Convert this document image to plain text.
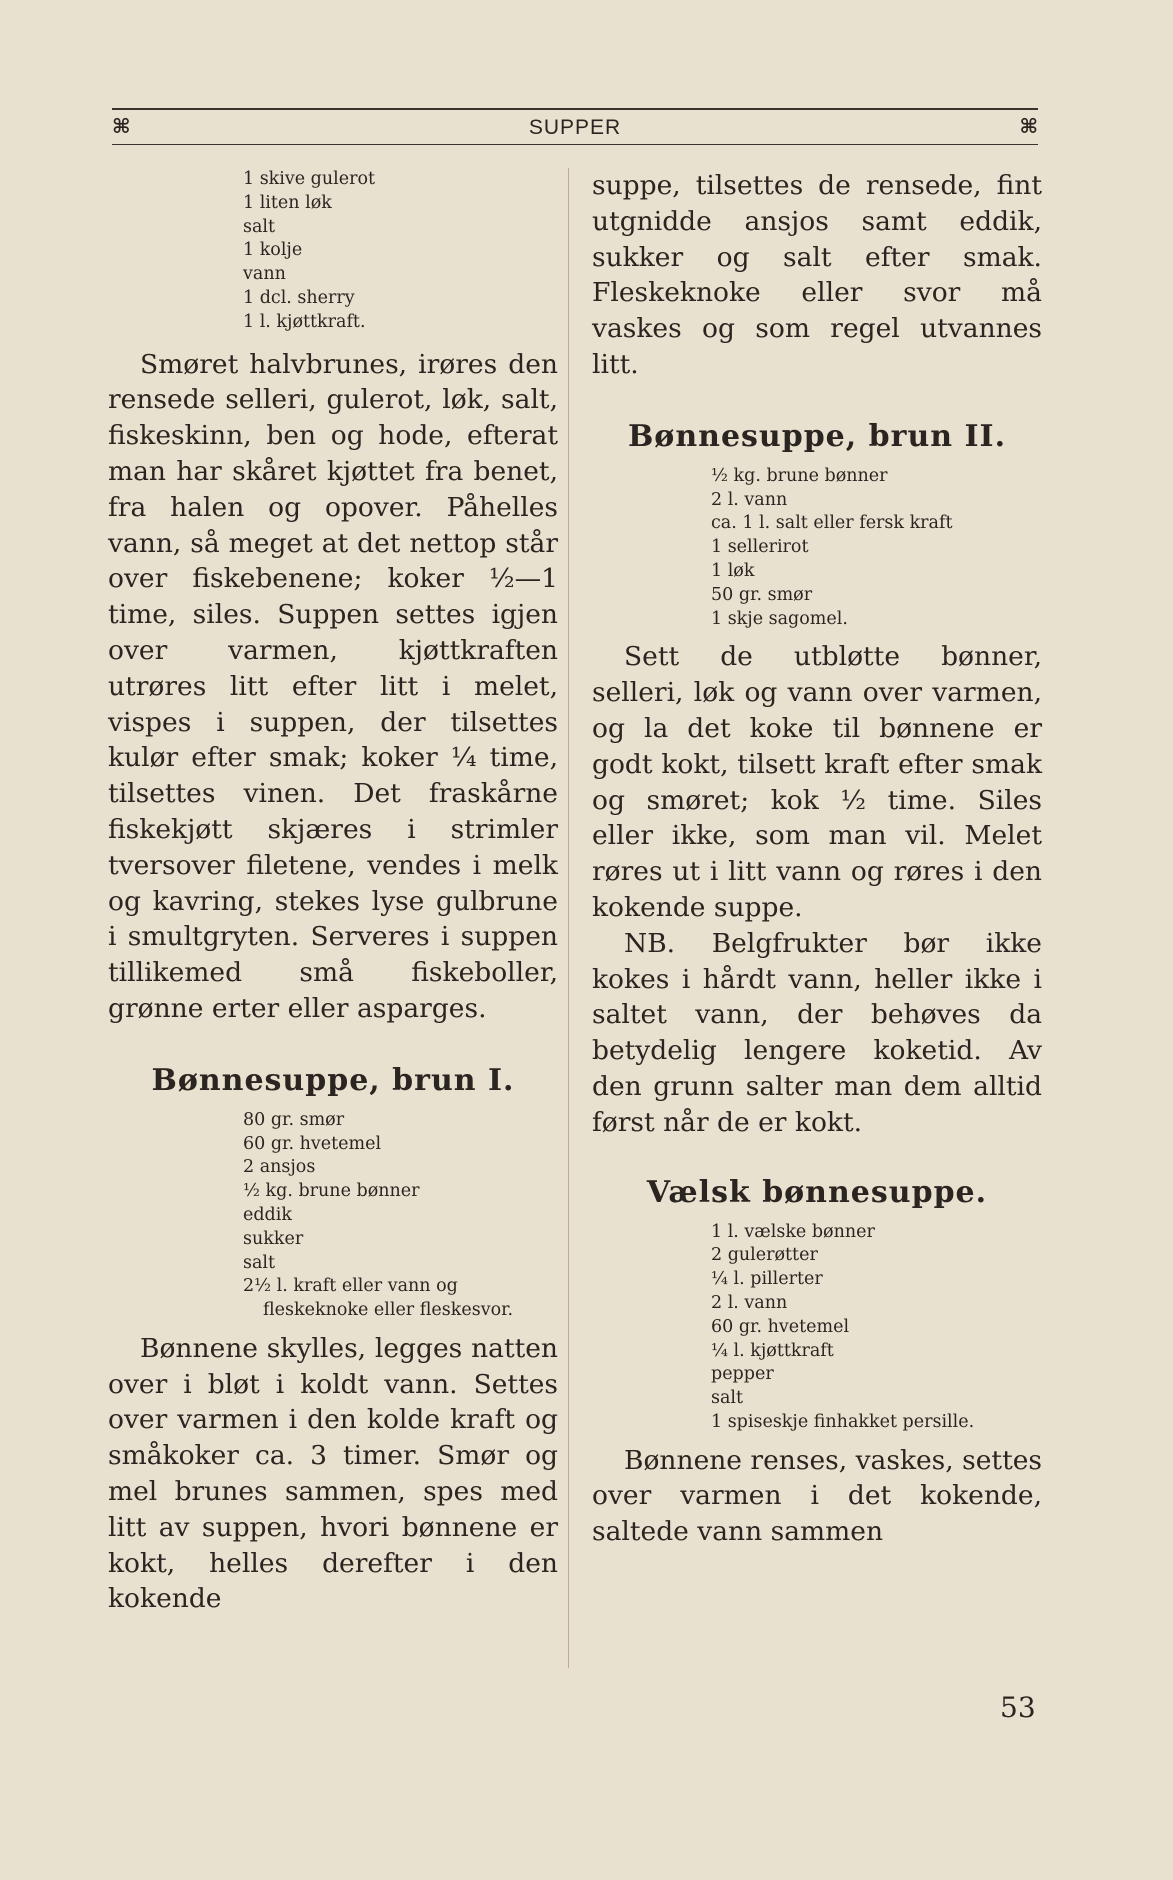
⌘	SUPPER	⌘
1 skive gulerot
1 liten løk
salt
1 kolje
vann
1 dcl. sherry
1 l. kjøttkraft.

Smøret halvbrunes, irøres den rensede selleri, gulerot, løk, salt, fiskeskinn, ben og hode, efterat man har skåret kjøttet fra benet, fra halen og opover. Påhelles vann, så meget at det nettop står over fiskebenene; koker ½—1 time, siles. Suppen settes igjen over varmen, kjøttkraften utrøres litt efter litt i melet, vispes i suppen, der tilsettes kulør efter smak; koker ¼ time, tilsettes vinen. Det fraskårne fiskekjøtt skjæres i strimler tversover filetene, vendes i melk og kavring, stekes lyse gulbrune i smultgryten. Serveres i suppen tillikemed små fiskeboller, grønne erter eller asparges.

Bønnesuppe, brun I.
80 gr. smør
60 gr. hvetemel
2 ansjos
½ kg. brune bønner
eddik
sukker
salt
2½ l. kraft eller vann og fleskeknoke eller fleskesvor.

Bønnene skylles, legges natten over i bløt i koldt vann. Settes over varmen i den kolde kraft og småkoker ca. 3 timer. Smør og mel brunes sammen, spes med litt av suppen, hvori bønnene er kokt, helles derefter i den kokende

suppe, tilsettes de rensede, fint utgnidde ansjos samt eddik, sukker og salt efter smak. Fleskeknoke eller svor må vaskes og som regel utvannes litt.

Bønnesuppe, brun II.
½ kg. brune bønner
2 l. vann
ca. 1 l. salt eller fersk kraft
1 sellerirot
1 løk
50 gr. smør
1 skje sagomel.

Sett de utbløtte bønner, selleri, løk og vann over varmen, og la det koke til bønnene er godt kokt, tilsett kraft efter smak og smøret; kok ½ time. Siles eller ikke, som man vil. Melet røres ut i litt vann og røres i den kokende suppe.

NB. Belgfrukter bør ikke kokes i hårdt vann, heller ikke i saltet vann, der behøves da betydelig lengere koketid. Av den grunn salter man dem alltid først når de er kokt.

Vælsk bønnesuppe.
1 l. vælske bønner
2 gulerøtter
¼ l. pillerter
2 l. vann
60 gr. hvetemel
¼ l. kjøttkraft
pepper
salt
1 spiseskje finhakket persille.

Bønnene renses, vaskes, settes over varmen i det kokende, saltede vann sammen

53
